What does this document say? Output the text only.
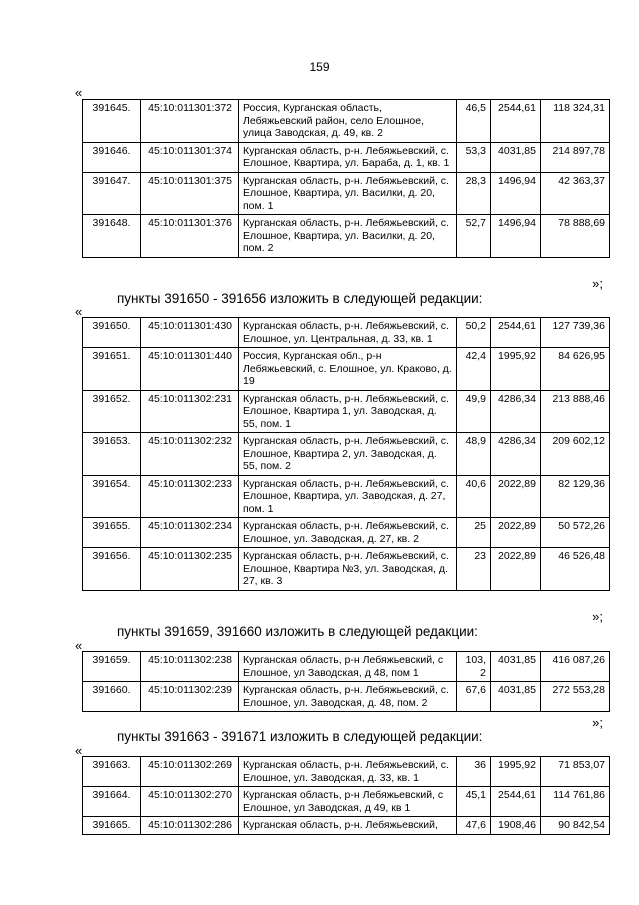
159
«
391645.	45:10:011301:372	Россия, Курганская область, Лебяжьевский район, село Елошное, улица Заводская, д. 49, кв. 2	46,5	2544,61	118 324,31
391646.	45:10:011301:374	Курганская область, р-н. Лебяжьевский, с. Елошное, Квартира, ул. Бараба, д. 1, кв. 1	53,3	4031,85	214 897,78
391647.	45:10:011301:375	Курганская область, р-н. Лебяжьевский, с. Елошное, Квартира, ул. Василки, д. 20, пом. 1	28,3	1496,94	42 363,37
391648.	45:10:011301:376	Курганская область, р-н. Лебяжьевский, с. Елошное, Квартира, ул. Василки, д. 20, пом. 2	52,7	1496,94	78 888,69
»;
пункты 391650 - 391656 изложить в следующей редакции:
«
391650.	45:10:011301:430	Курганская область, р-н. Лебяжьевский, с. Елошное, ул. Центральная, д. 33, кв. 1	50,2	2544,61	127 739,36
391651.	45:10:011301:440	Россия, Курганская обл., р-н Лебяжьевский, с. Елошное, ул. Краково, д. 19	42,4	1995,92	84 626,95
391652.	45:10:011302:231	Курганская область, р-н. Лебяжьевский, с. Елошное, Квартира 1, ул. Заводская, д. 55, пом. 1	49,9	4286,34	213 888,46
391653.	45:10:011302:232	Курганская область, р-н. Лебяжьевский, с. Елошное, Квартира 2, ул. Заводская, д. 55, пом. 2	48,9	4286,34	209 602,12
391654.	45:10:011302:233	Курганская область, р-н. Лебяжьевский, с. Елошное, Квартира, ул. Заводская, д. 27, пом. 1	40,6	2022,89	82 129,36
391655.	45:10:011302:234	Курганская область, р-н. Лебяжьевский, с. Елошное, ул. Заводская, д. 27, кв. 2	25	2022,89	50 572,26
391656.	45:10:011302:235	Курганская область, р-н. Лебяжьевский, с. Елошное, Квартира №3, ул. Заводская, д. 27, кв. 3	23	2022,89	46 526,48
»;
пункты 391659, 391660 изложить в следующей редакции:
«
391659.	45:10:011302:238	Курганская область, р-н Лебяжьевский, с Елошное, ул Заводская, д 48, пом 1	103, 2	4031,85	416 087,26
391660.	45:10:011302:239	Курганская область, р-н. Лебяжьевский, с. Елошное, ул. Заводская, д. 48, пом. 2	67,6	4031,85	272 553,28
»;
пункты 391663 - 391671 изложить в следующей редакции:
«
391663.	45:10:011302:269	Курганская область, р-н. Лебяжьевский, с. Елошное, ул. Заводская, д. 33, кв. 1	36	1995,92	71 853,07
391664.	45:10:011302:270	Курганская область, р-н Лебяжьевский, с Елошное, ул Заводская, д 49, кв 1	45,1	2544,61	114 761,86
391665.	45:10:011302:286	Курганская область, р-н. Лебяжьевский,	47,6	1908,46	90 842,54
